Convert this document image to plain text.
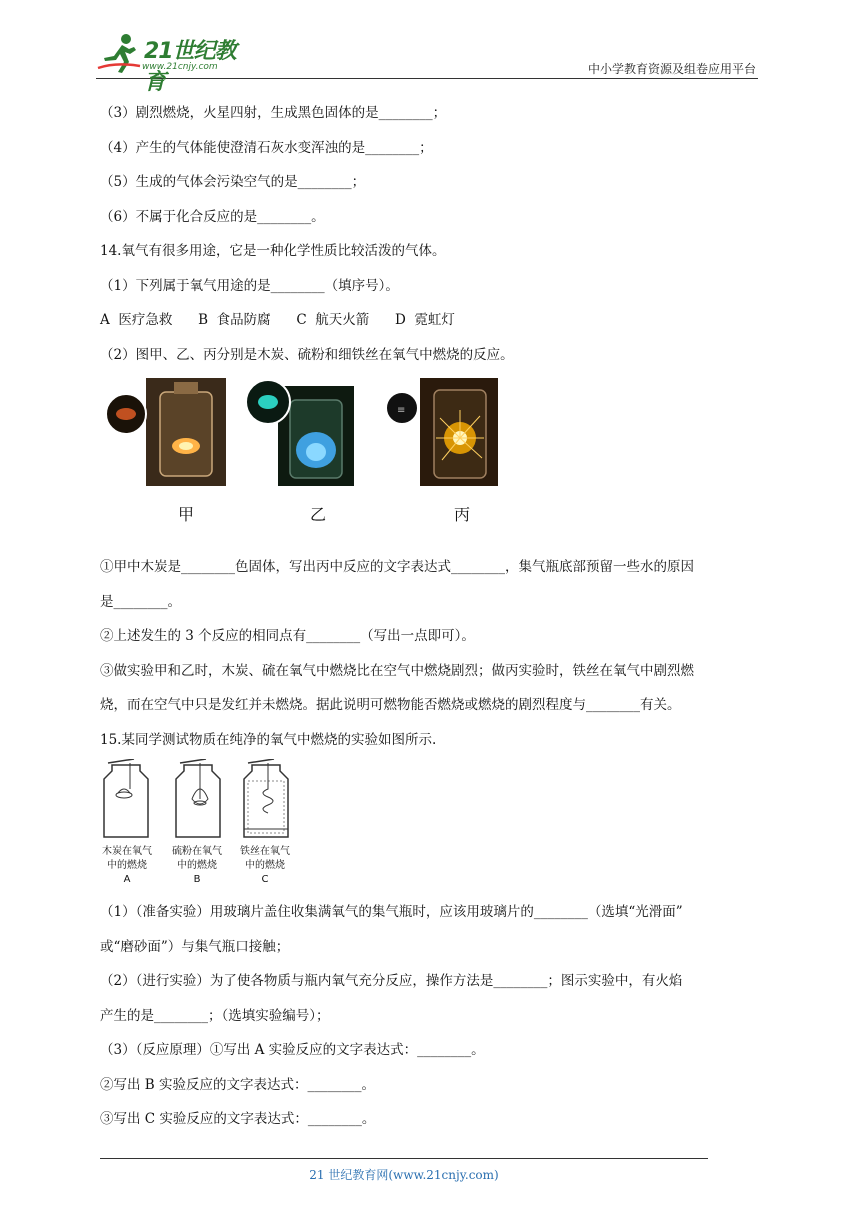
21世纪教育
www.21cnjy.com	中小学教育资源及组卷应用平台
（3）剧烈燃烧，火星四射，生成黑色固体的是________；
（4）产生的气体能使澄清石灰水变浑浊的是________；
（5）生成的气体会污染空气的是________；
（6）不属于化合反应的是________。
14.氧气有很多用途，它是一种化学性质比较活泼的气体。
（1）下列属于氧气用途的是________（填序号）。
A  医疗急救      B  食品防腐      C  航天火箭      D  霓虹灯
（2）图甲、乙、丙分别是木炭、硫粉和细铁丝在氧气中燃烧的反应。
≡
甲	乙	丙
①甲中木炭是________色固体，写出丙中反应的文字表达式________，集气瓶底部预留一些水的原因
是________。
②上述发生的 3 个反应的相同点有________（写出一点即可）。
③做实验甲和乙时，木炭、硫在氧气中燃烧比在空气中燃烧剧烈；做丙实验时，铁丝在氧气中剧烈燃
烧，而在空气中只是发红并未燃烧。据此说明可燃物能否燃烧或燃烧的剧烈程度与________有关。
15.某同学测试物质在纯净的氧气中燃烧的实验如图所示.
木炭在氧气
中的燃烧
A
硫粉在氧气
中的燃烧
B
铁丝在氧气
中的燃烧
C
（1）（准备实验）用玻璃片盖住收集满氧气的集气瓶时，应该用玻璃片的________（选填“光滑面”
或“磨砂面”）与集气瓶口接触；
（2）（进行实验）为了使各物质与瓶内氧气充分反应，操作方法是________；图示实验中，有火焰
产生的是________；（选填实验编号）；
（3）（反应原理）①写出 A 实验反应的文字表达式：________。
②写出 B 实验反应的文字表达式：________。
③写出 C 实验反应的文字表达式：________。
21 世纪教育网(www.21cnjy.com)
